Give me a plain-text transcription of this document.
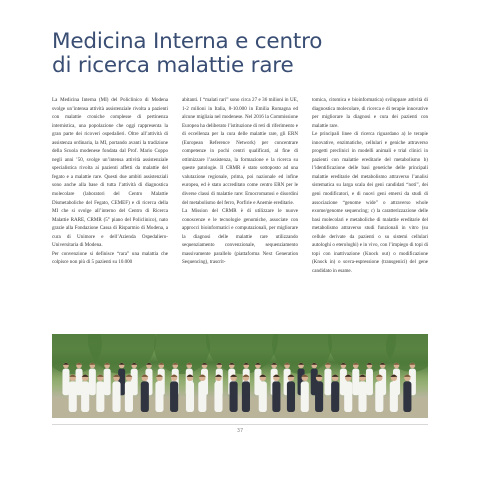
Medicina Interna e centro
di ricerca malattie rare

La Medicina Interna (MI) del Policlinico di Modena svolge un’intensa attività assistenziale rivolta a pazienti con malattie croniche complesse di pertinenza internistica, una popolazione che oggi rappresenta la gran parte dei ricoveri ospedalieri. Oltre all’attività di assistenza ordinaria, la MI, portando avanti la tradizione della Scuola modenese fondata dal Prof. Mario Coppo negli anni ’50, svolge un’intensa attività assistenziale specialistica rivolta ai pazienti affetti da malattie del fegato e a malattie rare. Questi due ambiti assistenziali sono anche alla base di tutta l’attività di diagnostica molecolare (laboratori del Centro Malattie Dismetaboliche del Fegato, CEMEF) e di ricerca della MI che si svolge all’interno del Centro di Ricerca Malattie RARE, CRMR (5° piano del Policlinico), nato grazie alla Fondazione Cassa di Risparmio di Modena, a cura di Unimore e dell’Azienda Ospedaliero-Universitaria di Modena.

Per convenzione si definisce “rara” una malattia che colpisce non più di 5 pazienti su 10.000

abitanti. I “malati rari” sono circa 27 e 36 milioni in UE, 1-2 milioni in Italia, 8-10.000 in Emilia Romagna ed alcune migliaia nel modenese. Nel 2016 la Commissione Europea ha deliberato l’istituzione di reti di riferimento e di eccellenza per la cura delle malattie rare, gli ERN (European Reference Network) per concentrare competenze in pochi centri qualificati, al fine di ottimizzare l’assistenza, la formazione e la ricerca su queste patologie. Il CRMR è stato sottoposto ad una valutazione regionale, prima, poi nazionale ed infine europea, ed è stato accreditato come centro ERN per le diverse classi di malattie rare: Emocromatosi e disordini del metabolismo del ferro, Porfirie e Anemie ereditarie.

La Mission del CRMR è di utilizzare le nuove conoscenze e le tecnologie genomiche, associate con approcci bioinformatici e computazionali, per migliorare la diagnosi delle malattie rare utilizzando sequenziamento convenzionale, sequenziamento massivamente parallelo (piattaforma Next Generation Sequencing), trascrit-

tomica, citomica e bioinformatica) sviluppare attività di diagnostica molecolare, di ricerca e di terapie innovative per migliorare la diagnosi e cura dei pazienti con malattie rare.

Le principali linee di ricerca riguardano a) le terapie innovative, enzimatiche, cellulari e geniche attraverso progetti preclinici in modelli animali e trial clinici in pazienti con malattie ereditarie del metabolismo b) l’identificazione delle basi genetiche delle principali malattie ereditarie del metabolismo attraverso l’analisi sistematica su larga scala dei geni candidati “noti”, dei geni modificatori, e di nuovi geni emersi da studi di associazione “genome wide” o attraverso whole exome/genome sequencing; c) la caratterizzazione delle basi molecolari e metaboliche di malattie ereditarie del metabolismo attraverso studi funzionali in vitro (su cellule derivate da pazienti o su sistemi cellulari autologhi o eterologhi) e in vivo, con l’impiego di topi di topi con inattivazione (Knock out) o modificazione (Knock in) o sovra-espressione (transgenici) del gene candidato in esame.

37
